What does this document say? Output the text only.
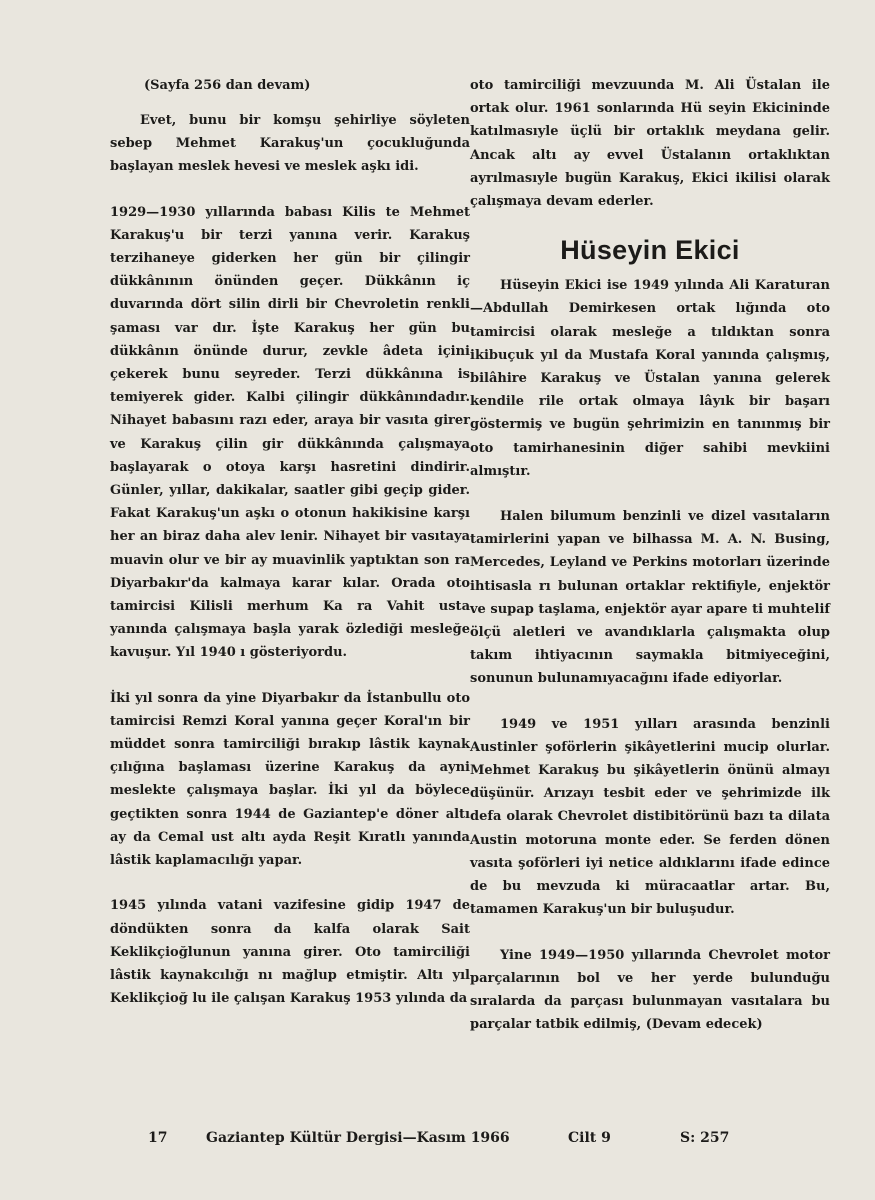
(Sayfa 256 dan devam)

Evet, bunu bir komşu şehirliye söyleten sebep Mehmet Karakuş'un çocukluğunda başlayan meslek hevesi ve meslek aşkı idi.

1929—1930 yıllarında babası Kilis te Mehmet Karakuş'u bir terzi yanına verir. Karakuş terzihaneye giderken her gün bir çilingir dükkânının önünden geçer. Dükkânın iç duvarında dört silin dirli bir Chevroletin renkli şaması var dır. İşte Karakuş her gün bu dükkânın önünde durur, zevkle âdeta içini çekerek bunu seyreder. Terzi dükkânına is temiyerek gider. Kalbi çilingir dükkânındadır. Nihayet babasını razı eder, araya bir vasıta girer ve Karakuş çilin gir dükkânında çalışmaya başlayarak o otoya karşı hasretini dindirir. Günler, yıllar, dakikalar, saatler gibi geçip gider. Fakat Karakuş'un aşkı o otonun hakikisine karşı her an biraz daha alev lenir. Nihayet bir vasıtaya muavin olur ve bir ay muavinlik yaptıktan son ra Diyarbakır'da kalmaya karar kılar. Orada oto tamircisi Kilisli merhum Ka ra Vahit usta yanında çalışmaya başla yarak özlediği mesleğe kavuşur. Yıl 1940 ı gösteriyordu.

İki yıl sonra da yine Diyarbakır da İstanbullu oto tamircisi Remzi Koral yanına geçer Koral'ın bir müddet sonra tamirciliği bırakıp lâstik kaynak çılığına başlaması üzerine Karakuş da ayni meslekte çalışmaya başlar. İki yıl da böylece geçtikten sonra 1944 de Gaziantep'e döner altı ay da Cemal ust altı ayda Reşit Kıratlı yanında lâstik kaplamacılığı yapar.

1945 yılında vatani vazifesine gidip 1947 de döndükten sonra da kalfa olarak Sait Keklikçioğlunun yanına girer. Oto tamirciliği lâstik kaynakcılığı nı mağlup etmiştir. Altı yıl Keklikçioğ lu ile çalışan Karakuş 1953 yılında da

oto tamirciliği mevzuunda M. Ali Üstalan ile ortak olur. 1961 sonlarında Hü seyin Ekicininde katılmasıyle üçlü bir ortaklık meydana gelir. Ancak altı ay evvel Üstalanın ortaklıktan ayrılmasıyle bugün Karakuş, Ekici ikilisi olarak çalışmaya devam ederler.

Hüseyin Ekici

Hüseyin Ekici ise 1949 yılında Ali Karaturan—Abdullah Demirkesen ortak lığında oto tamircisi olarak mesleğe a tıldıktan sonra ikibuçuk yıl da Mustafa Koral yanında çalışmış, bilâhire Karakuş ve Üstalan yanına gelerek kendile rile ortak olmaya lâyık bir başarı göstermiş ve bugün şehrimizin en tanınmış bir oto tamirhanesinin diğer sahibi mevkiini almıştır.

Halen bilumum benzinli ve dizel vasıtaların tamirlerini yapan ve bilhassa M. A. N. Busing, Mercedes, Leyland ve Perkins motorları üzerinde ihtisasla rı bulunan ortaklar rektifiyle, enjektör ve supap taşlama, enjektör ayar apare ti muhtelif ölçü aletleri ve avandıklarla çalışmakta olup takım ihtiyacının saymakla bitmiyeceğini, sonunun bulunamıyacağını ifade ediyorlar.

1949 ve 1951 yılları arasında benzinli Austinler şoförlerin şikâyetlerini mucip olurlar. Mehmet Karakuş bu şikâyetlerin önünü almayı düşünür. Arızayı tesbit eder ve şehrimizde ilk defa olarak Chevrolet distibitörünü bazı ta dilata Austin motoruna monte eder. Se ferden dönen vasıta şoförleri iyi netice aldıklarını ifade edince de bu mevzuda ki müracaatlar artar. Bu, tamamen Karakuş'un bir buluşudur.

Yine 1949—1950 yıllarında Chevrolet motor parçalarının bol ve her yerde bulunduğu sıralarda da parçası bulunmayan vasıtalara bu parçalar tatbik edilmiş, (Devam edecek)

17	Gaziantep Kültür Dergisi—Kasım 1966	Cilt 9	S: 257
